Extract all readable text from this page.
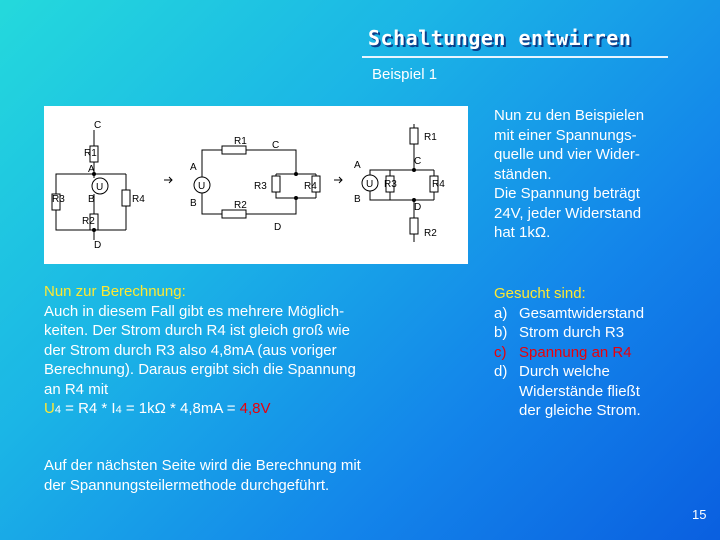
Schaltungen entwirren
Beispiel 1
C
R1
A
U
B
R3	R4
R2
D
R1	C
A
U	R3	R4
B	R2
D
R1
A	C
U R3	R4
B
D
R2
Nun zu den Beispielen
mit einer Spannungs-
quelle und vier Wider-
ständen.
Die Spannung beträgt
24V, jeder Widerstand
hat 1kΩ.
Nun zur Berechnung:
Auch in diesem Fall gibt es mehrere Möglich-
keiten. Der Strom durch R4 ist gleich groß wie
der Strom durch R3 also 4,8mA (aus voriger
Berechnung). Daraus ergibt sich die Spannung
an R4 mit
U4 = R4 * I4 = 1kΩ * 4,8mA = 4,8V
Gesucht sind:
a) Gesamtwiderstand
b) Strom durch R3
c) Spannung an R4
d) Durch welche
Widerstände fließt
der gleiche Strom.
Auf der nächsten Seite wird die Berechnung mit
der Spannungsteilermethode durchgeführt.
15
